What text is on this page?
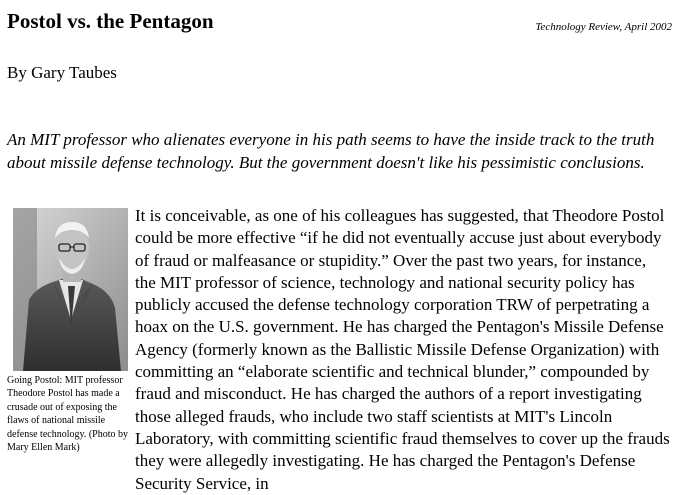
Postol vs. the Pentagon	Technology Review, April 2002
By Gary Taubes

An MIT professor who alienates everyone in his path seems to have the inside track to the truth about missile defense technology. But the government doesn't like his pessimistic conclusions.

Going Postol: MIT professor Theodore Postol has made a crusade out of exposing the flaws of national missile defense technology. (Photo by Mary Ellen Mark)

It is conceivable, as one of his colleagues has suggested, that Theodore Postol could be more effective “if he did not eventually accuse just about everybody of fraud or malfeasance or stupidity.” Over the past two years, for instance, the MIT professor of science, technology and national security policy has publicly accused the defense technology corporation TRW of perpetrating a hoax on the U.S. government. He has charged the Pentagon's Missile Defense Agency (formerly known as the Ballistic Missile Defense Organization) with committing an “elaborate scientific and technical blunder,” compounded by fraud and misconduct. He has charged the authors of a report investigating those alleged frauds, who include two staff scientists at MIT's Lincoln Laboratory, with committing scientific fraud themselves to cover up the frauds they were allegedly investigating. He has charged the Pentagon's Defense Security Service, in
